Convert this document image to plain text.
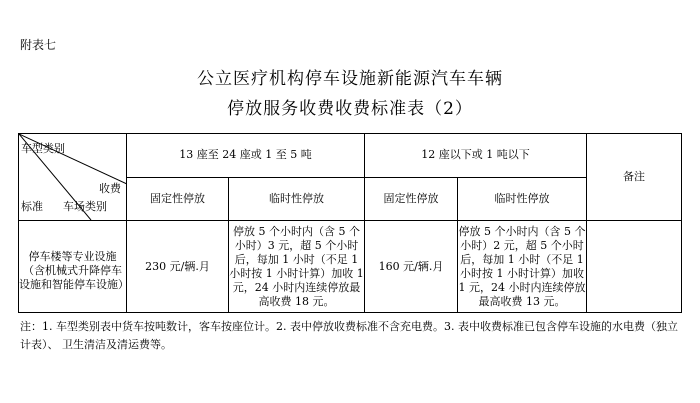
附表七
公立医疗机构停车设施新能源汽车车辆
停放服务收费收费标准表（2）
车型类别
收费
标准 车场类别	13 座至 24 座或 1 至 5 吨		12 座以下或 1 吨以下		备注
	固定性停放	临时性停放	固定性停放	临时性停放	
停车楼等专业设施（含机械式升降停车设施和智能停车设施）	230 元/辆.月	停放 5 个小时内（含 5 个小时）3 元，超 5 个小时后，每加 1 小时（不足 1 小时按 1 小时计算）加收 1 元，24 小时内连续停放最高收费 18 元。	160 元/辆.月	停放 5 个小时内（含 5 个小时）2 元，超 5 个小时后，每加 1 小时（不足 1 小时按 1 小时计算）加收 1 元，24 小时内连续停放最高收费 13 元。	
注：1. 车型类别表中货车按吨数计，客车按座位计。2. 表中停放收费标准不含充电费。3. 表中收费标准已包含停车设施的水电费（独立计表）、 卫生清洁及清运费等。
